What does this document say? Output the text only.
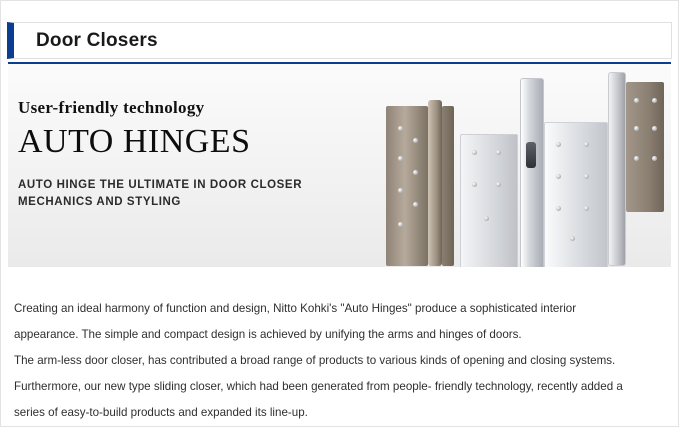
Door Closers
User-friendly technology
AUTO HINGES
AUTO HINGE THE ULTIMATE IN DOOR CLOSER MECHANICS AND STYLING

Creating an ideal harmony of function and design, Nitto Kohki's "Auto Hinges" produce a sophisticated interior

appearance. The simple and compact design is achieved by unifying the arms and hinges of doors.

The arm-less door closer, has contributed a broad range of products to various kinds of opening and closing systems.

Furthermore, our new type sliding closer, which had been generated from people- friendly technology, recently added a

series of easy-to-build products and expanded its line-up.
